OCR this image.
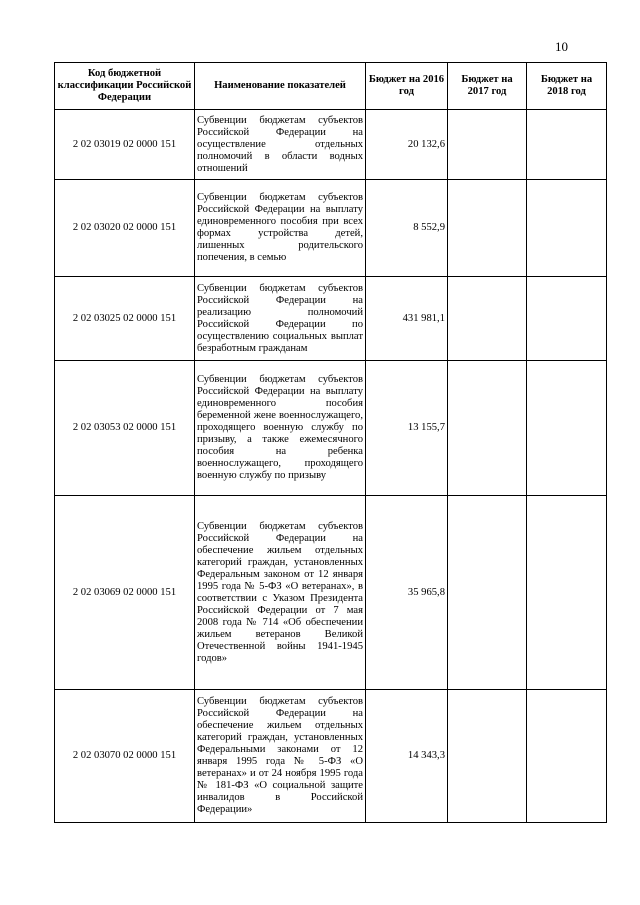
10
Код бюджетной классификации Российской Федерации	Наименование показателей	Бюджет на 2016 год	Бюджет на 2017 год	Бюджет на 2018 год
2 02 03019 02 0000 151	Субвенции бюджетам субъектов Российской Федерации на осуществление отдельных полномочий в области водных отношений	20 132,6		
2 02 03020 02 0000 151	Субвенции бюджетам субъектов Российской Федерации на выплату единовременного пособия при всех формах устройства детей, лишенных родительского попечения, в семью	8 552,9		
2 02 03025 02 0000 151	Субвенции бюджетам субъектов Российской Федерации на реализацию полномочий Российской Федерации по осуществлению социальных выплат безработным гражданам	431 981,1		
2 02 03053 02 0000 151	Субвенции бюджетам субъектов Российской Федерации на выплату единовременного пособия беременной жене военнослужащего, проходящего военную службу по призыву, а также ежемесячного пособия на ребенка военнослужащего, проходящего военную службу по призыву	13 155,7		
2 02 03069 02 0000 151	Субвенции бюджетам субъектов Российской Федерации на обеспечение жильем отдельных категорий граждан, установленных Федеральным законом от 12 января 1995 года № 5-ФЗ «О ветеранах», в соответствии с Указом Президента Российской Федерации от 7 мая 2008 года № 714 «Об обеспечении жильем ветеранов Великой Отечественной войны 1941-1945 годов»	35 965,8		
2 02 03070 02 0000 151	Субвенции бюджетам субъектов Российской Федерации на обеспечение жильем отдельных категорий граждан, установленных Федеральными законами от 12 января 1995 года № 5-ФЗ «О ветеранах» и от 24 ноября 1995 года № 181-ФЗ «О социальной защите инвалидов в Российской Федерации»	14 343,3		
